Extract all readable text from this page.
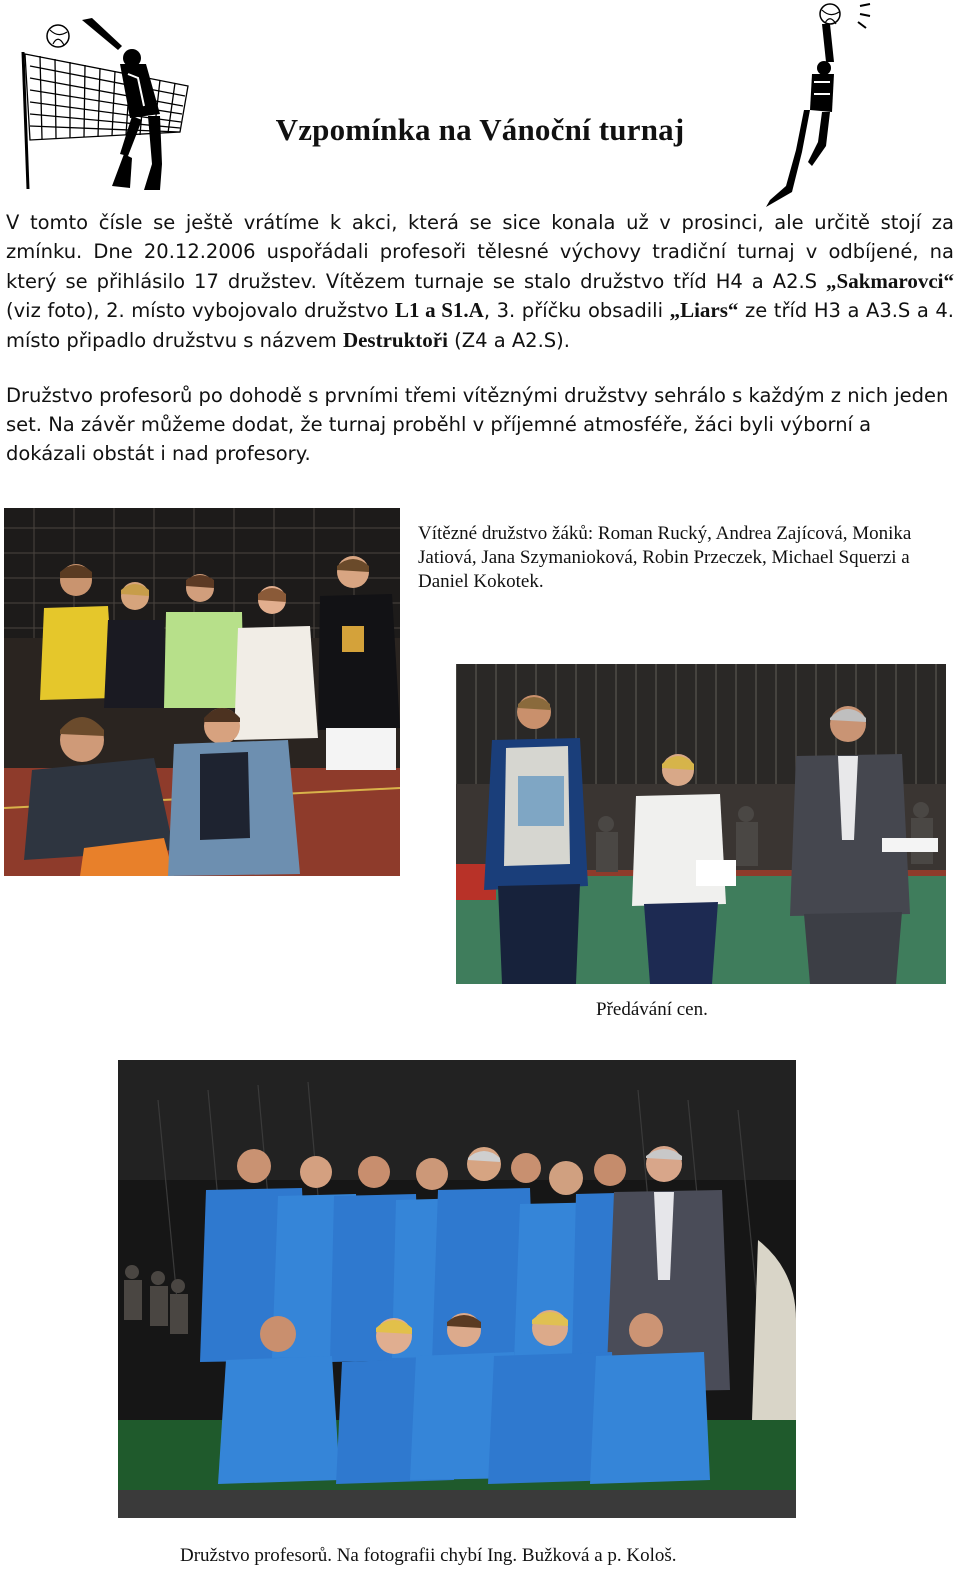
Vzpomínka na Vánoční turnaj

V tomto čísle se ještě vrátíme k akci, která se sice konala už v prosinci, ale určitě stojí za zmínku. Dne 20.12.2006 uspořádali profesoři tělesné výchovy tradiční turnaj v odbíjené, na který se přihlásilo 17 družstev. Vítězem turnaje se stalo družstvo tříd H4 a A2.S „Sakmarovci“ (viz foto), 2. místo vybojovalo družstvo L1 a S1.A, 3. příčku obsadili „Liars“ ze tříd H3 a A3.S a 4. místo připadlo družstvu s názvem Destruktoři (Z4 a A2.S).

Družstvo profesorů po dohodě s prvními třemi vítěznými družstvy sehrálo s každým z nich jeden set. Na závěr můžeme dodat, že turnaj proběhl v příjemné atmosféře, žáci byli výborní a dokázali obstát i nad profesory.

Vítězné družstvo žáků: Roman Rucký, Andrea Zajícová, Monika Jatiová, Jana Szymanioková, Robin Przeczek, Michael Squerzi a Daniel Kokotek.

Předávání cen.

Družstvo profesorů. Na fotografii chybí Ing. Bužková a p. Kološ.
